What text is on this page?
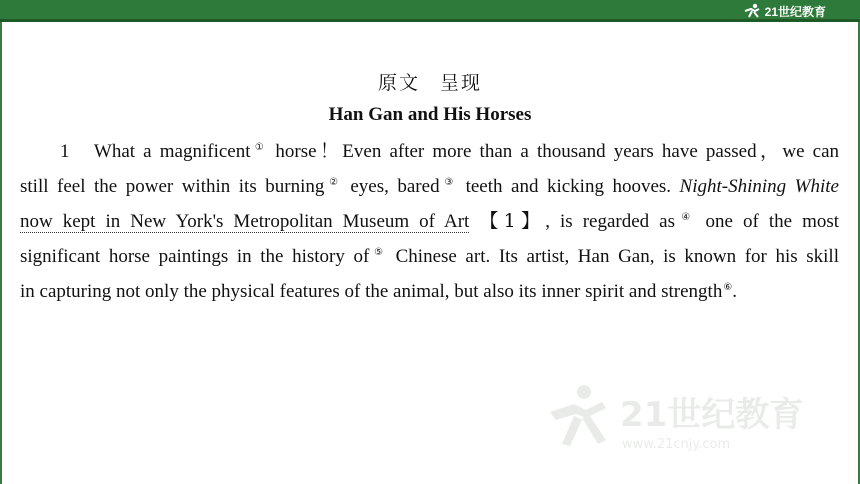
21世纪教育
原文 呈现
Han Gan and His Horses
1 What a magnificent① horse！Even after more than a thousand years have passed，we can
still feel the power within its burning② eyes, bared③ teeth and kicking hooves. Night-Shining White
now kept in New York's Metropolitan Museum of Art 【1】, is regarded as④ one of the most
significant horse paintings in the history of⑤ Chinese art. Its artist, Han Gan, is known for his skill
in capturing not only the physical features of the animal, but also its inner spirit and strength⑥.
21世纪教育
www.21cnjy.com
